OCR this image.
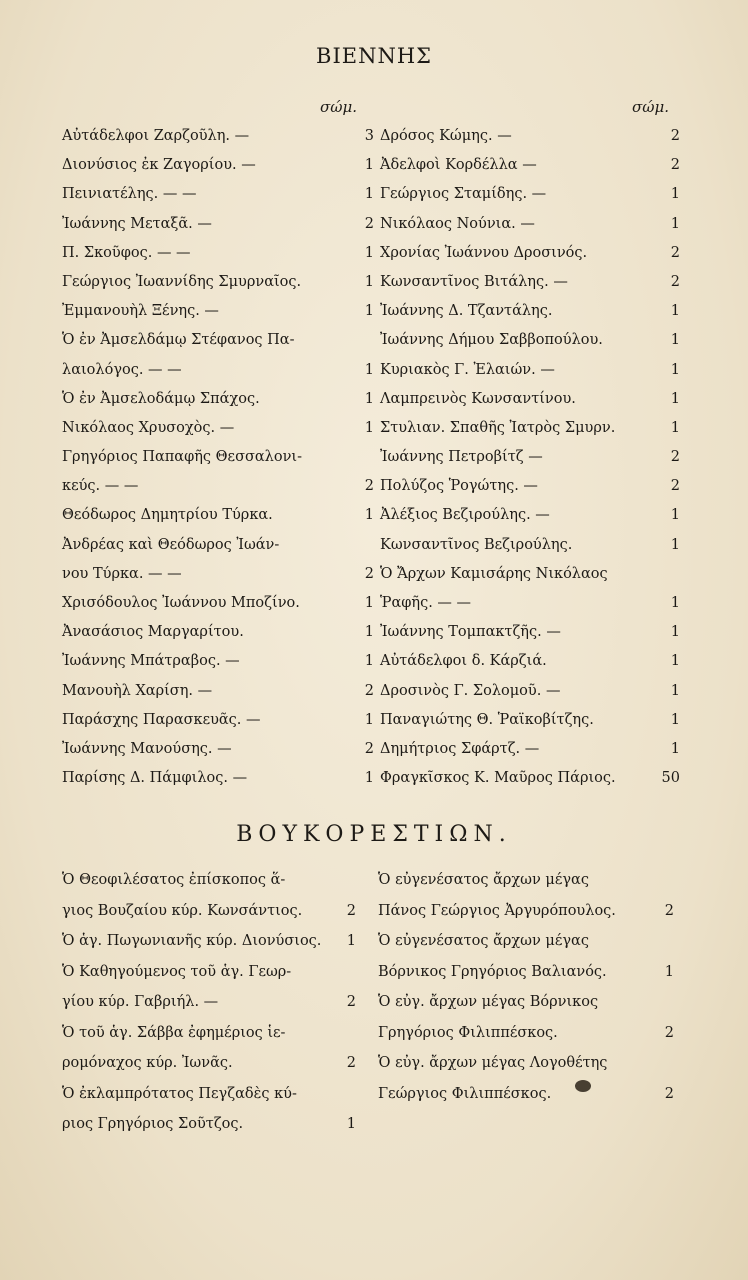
ΒΙΕΝΝΗΣ
σώμ.	σώμ.
Αὐτάδελφοι Ζαρζοῦλη. —	3
Διονύσιος ἐκ Ζαγορίου. —	1
Πεινιατέλης. — —	1
Ἰωάννης Μεταξᾶ. —	2
Π. Σκοῦφος. — —	1
Γεώργιος Ἰωαννίδης Σμυρναῖος.	1
Ἐμμανουὴλ Ξένης. —	1
Ὁ ἐν Ἀμσελδάμῳ Στέφανος Πα-
λαιολόγος. — —	1
Ὁ ἐν Ἀμσελοδάμῳ Σπάχος.	1
Νικόλαος Χρυσοχὸς. —	1
Γρηγόριος Παπαφῆς Θεσσαλονι-
κεύς. — —	2
Θεόδωρος Δημητρίου Τύρκα.	1
Ἀνδρέας καὶ Θεόδωρος Ἰωάν-
νου Τύρκα. — —	2
Χρισόδουλος Ἰωάννου Μποζίνο.	1
Ἀνασάσιος Μαργαρίτου.	1
Ἰωάννης Μπάτραβος. —	1
Μανουὴλ Χαρίση. —	2
Παράσχης Παρασκευᾶς. —	1
Ἰωάννης Μανούσης. —	2
Παρίσης Δ. Πάμφιλος. —	1
Δρόσος Κώμης. —	2
Ἀδελφοὶ Κορδέλλα —	2
Γεώργιος Σταμίδης. —	1
Νικόλαος Νούνια. —	1
Χρονίας Ἰωάννου Δροσινός.	2
Κωνσαντῖνος Βιτάλης. —	2
Ἰωάννης Δ. Τζαντάλης.	1
Ἰωάννης Δήμου Σαββοπούλου.	1
Κυριακὸς Γ. Ἐλαιών. —	1
Λαμπρεινὸς Κωνσαντίνου.	1
Στυλιαν. Σπαθῆς Ἰατρὸς Σμυρν.	1
Ἰωάννης Πετροβίτζ —	2
Πολύζος Ῥογώτης. —	2
Ἀλέξιος Βεζιρούλης. —	1
Κωνσαντῖνος Βεζιρούλης.	1
Ὁ Ἄρχων Καμισάρης Νικόλαος
Ῥαφῆς. — —	1
Ἰωάννης Τομπακτζῆς. —	1
Αὐτάδελφοι δ. Κάρζιά.	1
Δροσινὸς Γ. Σολομοῦ. —	1
Παναγιώτης Θ. Ῥαϊκοβίτζης.	1
Δημήτριος Σφάρτζ. —	1
Φραγκῖσκος Κ. Μαῦρος Πάριος.	50
ΒΟΥΚΟΡΕΣΤΙΩΝ.
Ὁ Θεοφιλέσατος ἐπίσκοπος ἅ-
γιος Βουζαίου κύρ. Κωνσάντιος.	2
Ὁ ἁγ. Πωγωνιανῆς κύρ. Διονύσιος.	1
Ὁ Καθηγούμενος τοῦ ἁγ. Γεωρ-
γίου κύρ. Γαβριήλ. —	2
Ὁ τοῦ ἁγ. Σάββα ἐφημέριος ἱε-
ρομόναχος κύρ. Ἰωνᾶς.	2
Ὁ ἐκλαμπρότατος Πεγζαδὲς κύ-
ριος Γρηγόριος Σοῦτζος.	1
Ὁ εὐγενέσατος ἄρχων μέγας
Πάνος Γεώργιος Ἀργυρόπουλος.	2
Ὁ εὐγενέσατος ἄρχων μέγας
Βόρνικος Γρηγόριος Βαλιανός.	1
Ὁ εὐγ. ἄρχων μέγας Βόρνικος
Γρηγόριος Φιλιππέσκος.	2
Ὁ εὐγ. ἄρχων μέγας Λογοθέτης
Γεώργιος Φιλιππέσκος.	2
